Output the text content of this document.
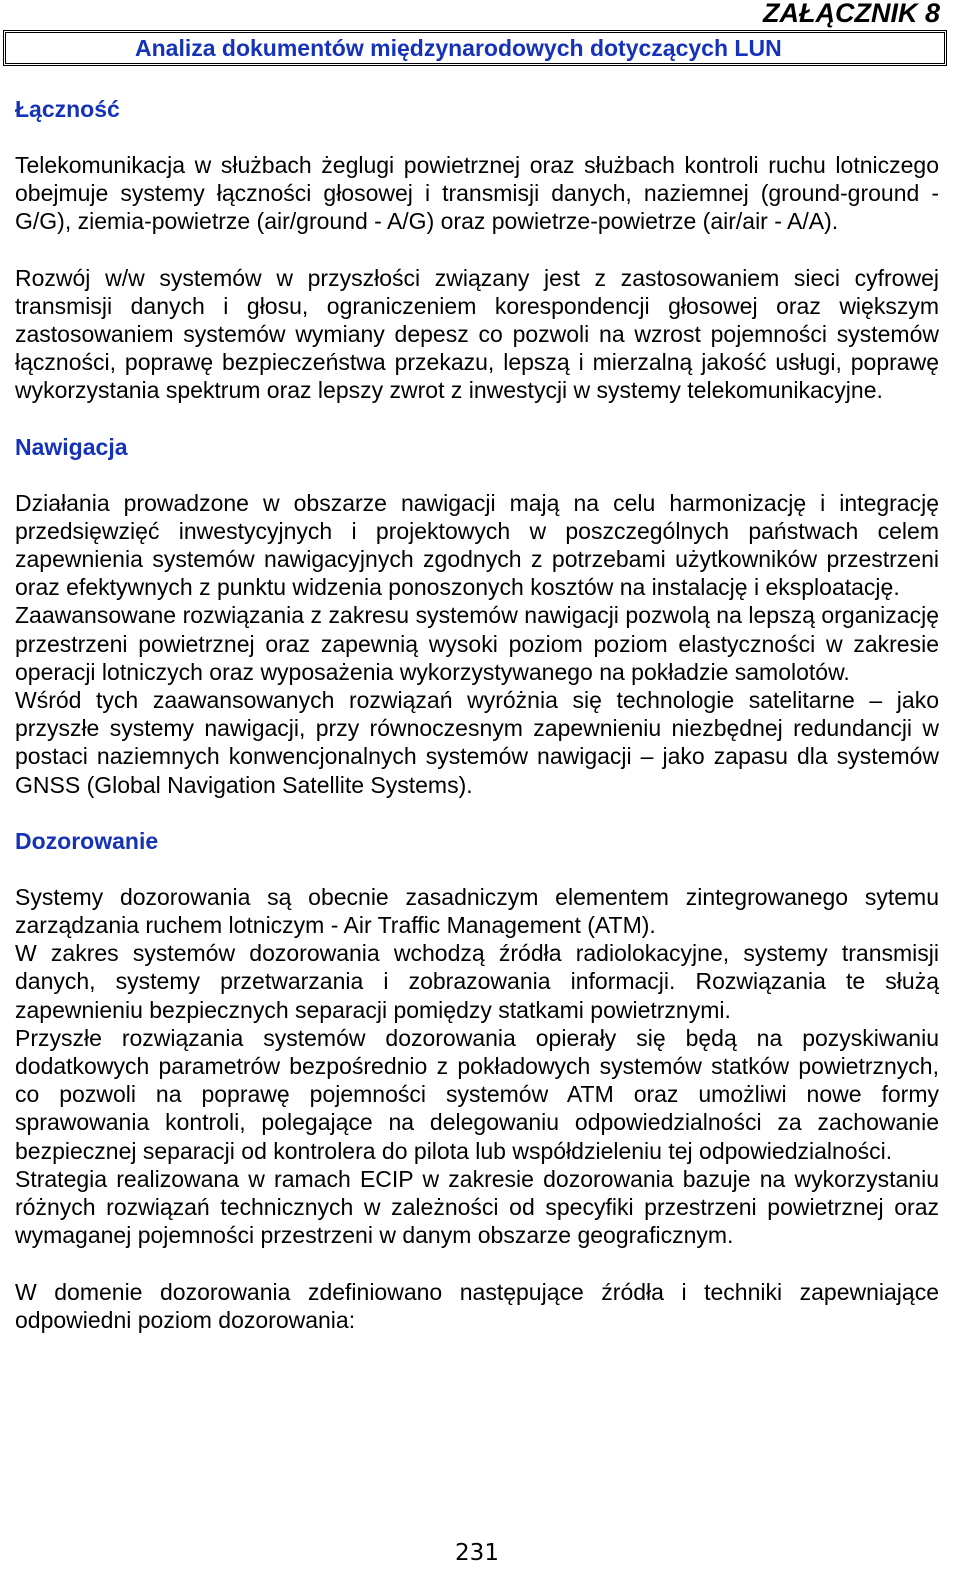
ZAŁĄCZNIK 8
Analiza dokumentów międzynarodowych dotyczących LUN
Łączność

Telekomunikacja w służbach żeglugi powietrznej oraz służbach kontroli ruchu lotniczego obejmuje systemy łączności głosowej i transmisji danych, naziemnej (ground-ground - G/G), ziemia-powietrze (air/ground - A/G) oraz powietrze-powietrze (air/air - A/A).

Rozwój w/w systemów w przyszłości związany jest z zastosowaniem sieci cyfrowej transmisji danych i głosu, ograniczeniem korespondencji głosowej oraz większym zastosowaniem systemów wymiany depesz co pozwoli na wzrost pojemności systemów łączności, poprawę bezpieczeństwa przekazu, lepszą i mierzalną jakość usługi, poprawę wykorzystania spektrum oraz lepszy zwrot z inwestycji w systemy telekomunikacyjne.

Nawigacja

Działania prowadzone w obszarze nawigacji mają na celu harmonizację i integrację przedsięwzięć inwestycyjnych i projektowych w poszczególnych państwach celem zapewnienia systemów nawigacyjnych zgodnych z potrzebami użytkowników przestrzeni oraz efektywnych z punktu widzenia ponoszonych kosztów na instalację i eksploatację.

Zaawansowane rozwiązania z zakresu systemów nawigacji pozwolą na lepszą organizację przestrzeni powietrznej oraz zapewnią wysoki poziom poziom elastyczności w zakresie operacji lotniczych oraz wyposażenia wykorzystywanego na pokładzie samolotów.

Wśród tych zaawansowanych rozwiązań wyróżnia się technologie satelitarne – jako przyszłe systemy nawigacji, przy równoczesnym zapewnieniu niezbędnej redundancji w postaci naziemnych konwencjonalnych systemów nawigacji – jako zapasu dla systemów GNSS (Global Navigation Satellite Systems).

Dozorowanie

Systemy dozorowania są obecnie zasadniczym elementem zintegrowanego sytemu zarządzania ruchem lotniczym - Air Traffic Management (ATM).

W zakres systemów dozorowania wchodzą źródła radiolokacyjne, systemy transmisji danych, systemy przetwarzania i zobrazowania informacji. Rozwiązania te służą zapewnieniu bezpiecznych separacji pomiędzy statkami powietrznymi.

Przyszłe rozwiązania systemów dozorowania opierały się będą na pozyskiwaniu dodatkowych parametrów bezpośrednio z pokładowych systemów statków powietrznych, co pozwoli na poprawę pojemności systemów ATM oraz umożliwi nowe formy sprawowania kontroli, polegające na delegowaniu odpowiedzialności za zachowanie bezpiecznej separacji od kontrolera do pilota lub współdzieleniu tej odpowiedzialności.

Strategia realizowana w ramach ECIP w zakresie dozorowania bazuje na wykorzystaniu różnych rozwiązań technicznych w zależności od specyfiki przestrzeni powietrznej oraz wymaganej pojemności przestrzeni w danym obszarze geograficznym.

W domenie dozorowania zdefiniowano następujące źródła i techniki zapewniające odpowiedni poziom dozorowania:

231
